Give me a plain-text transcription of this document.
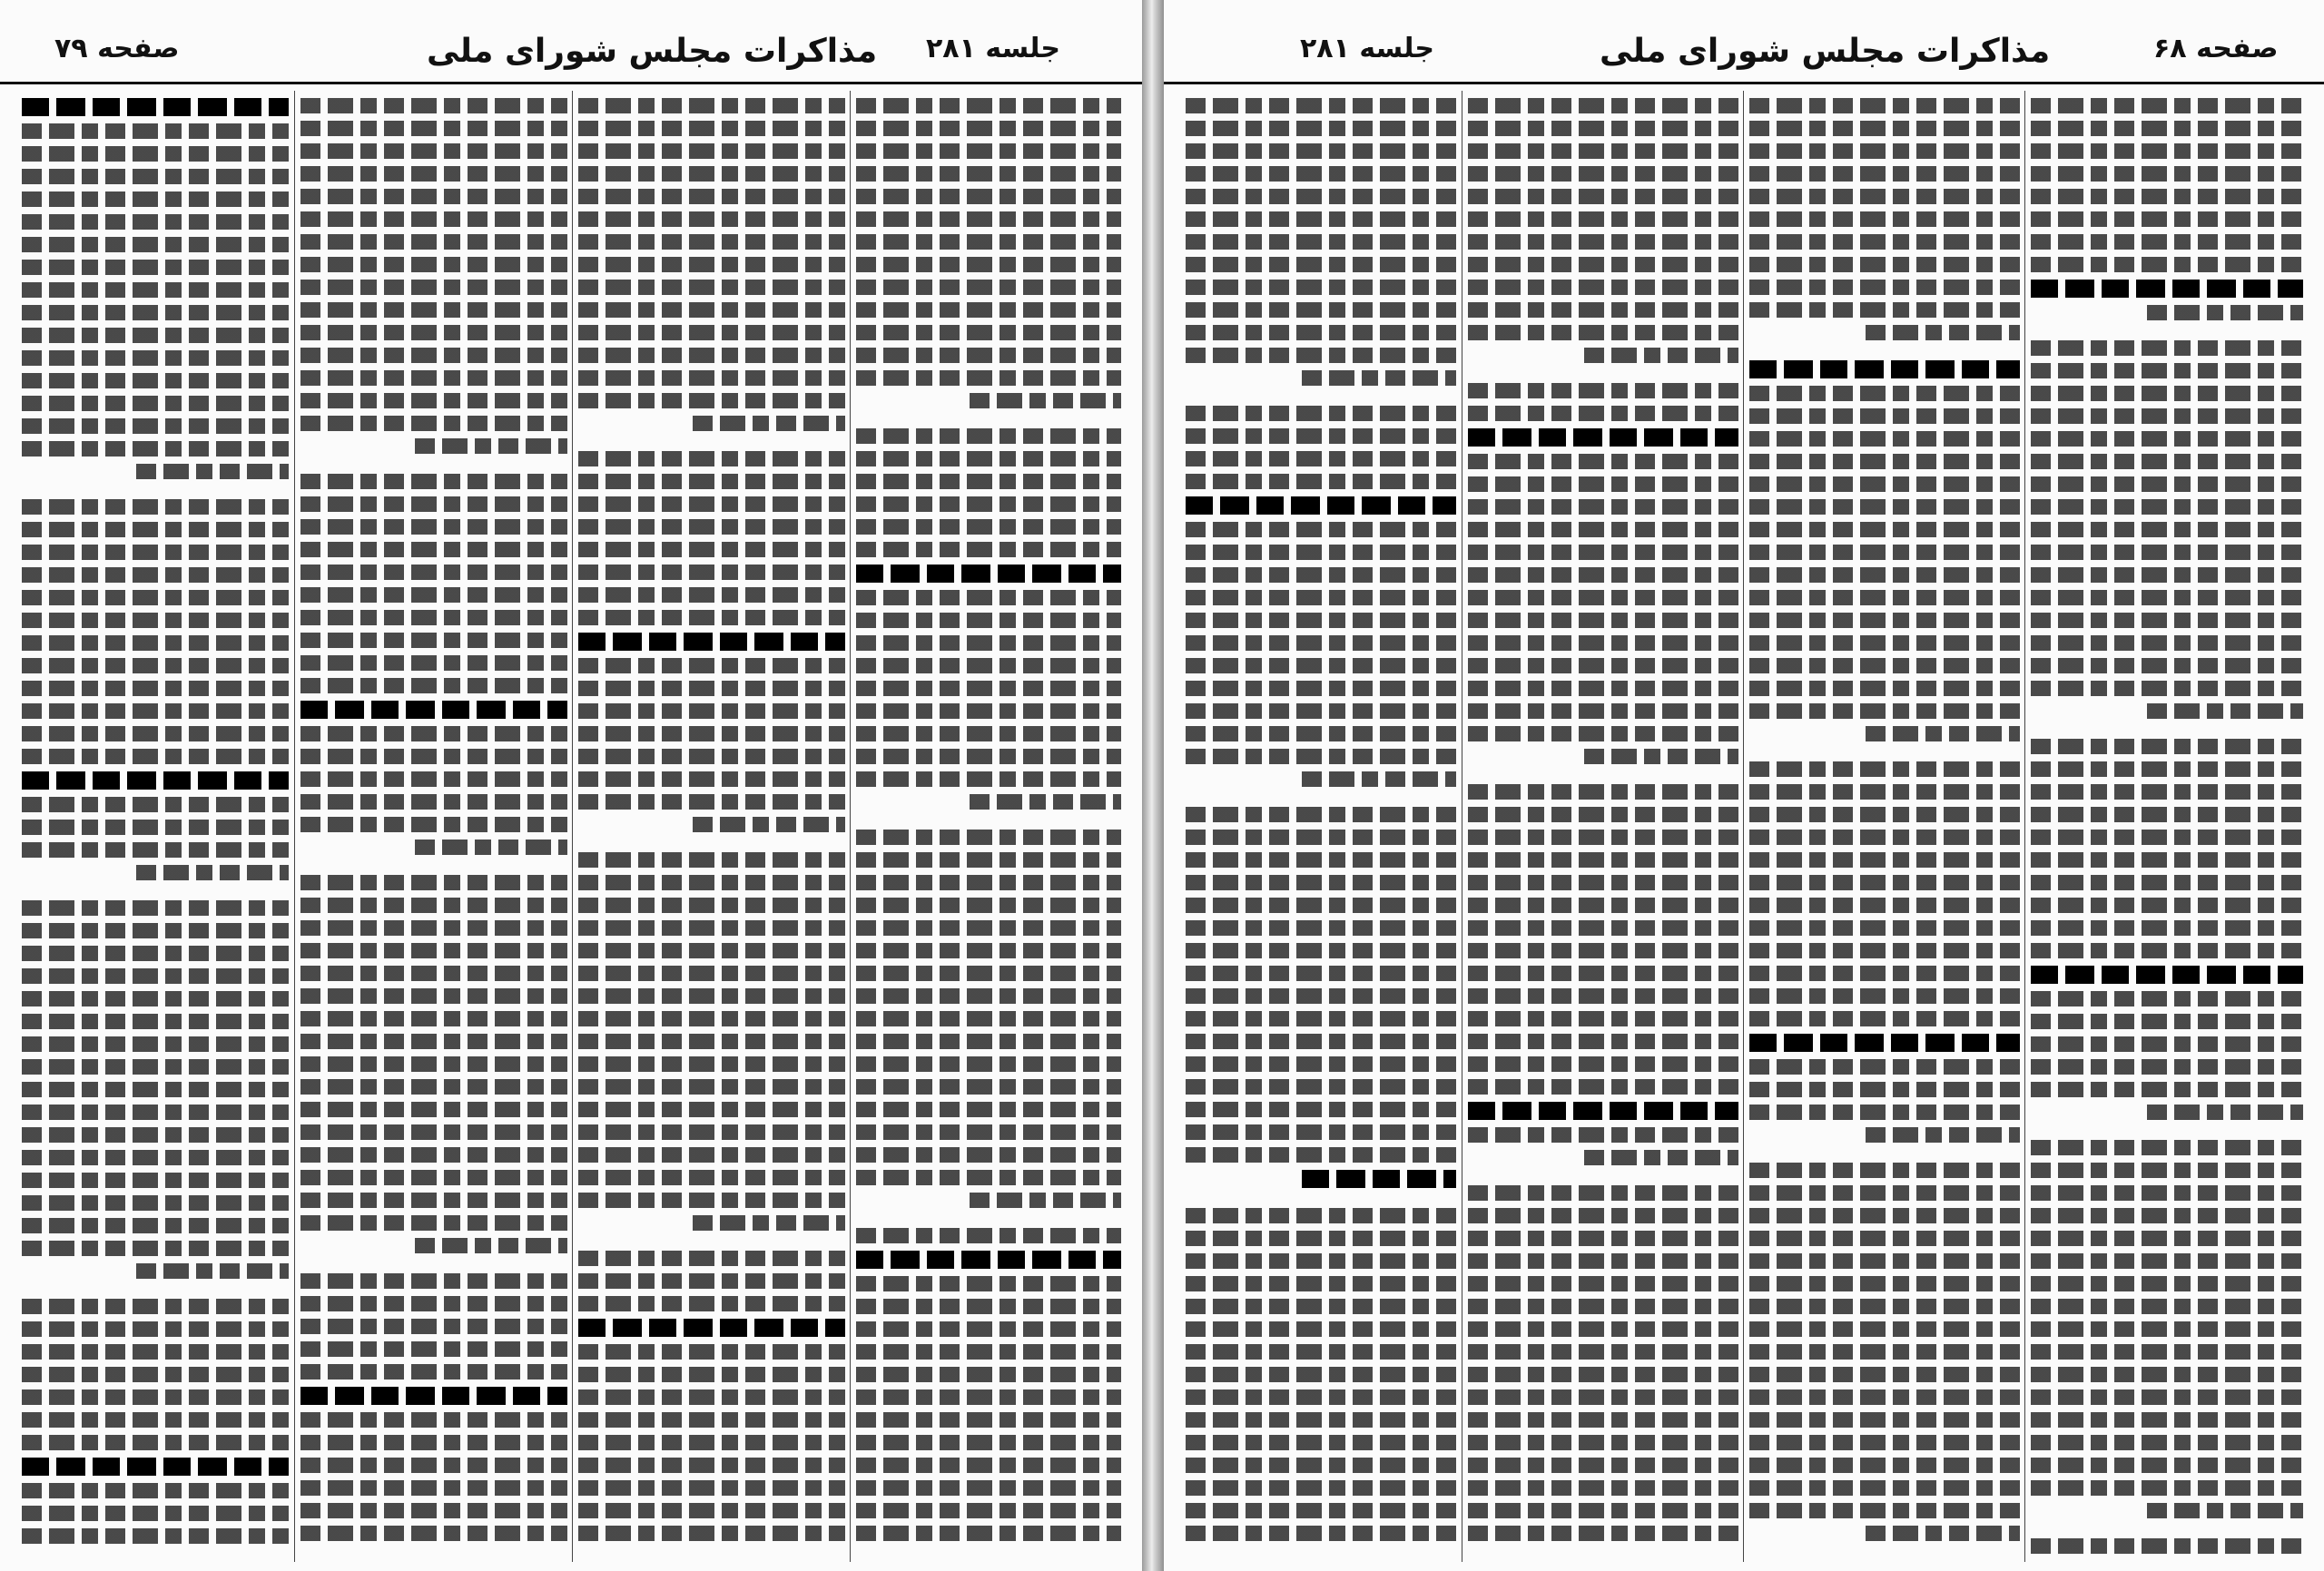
جلسه ۲۸۱
مذاکرات مجلس شورای ملی
صفحه ۷۹	صفحه ۶۸
مذاکرات مجلس شورای ملی
جلسه ۲۸۱
